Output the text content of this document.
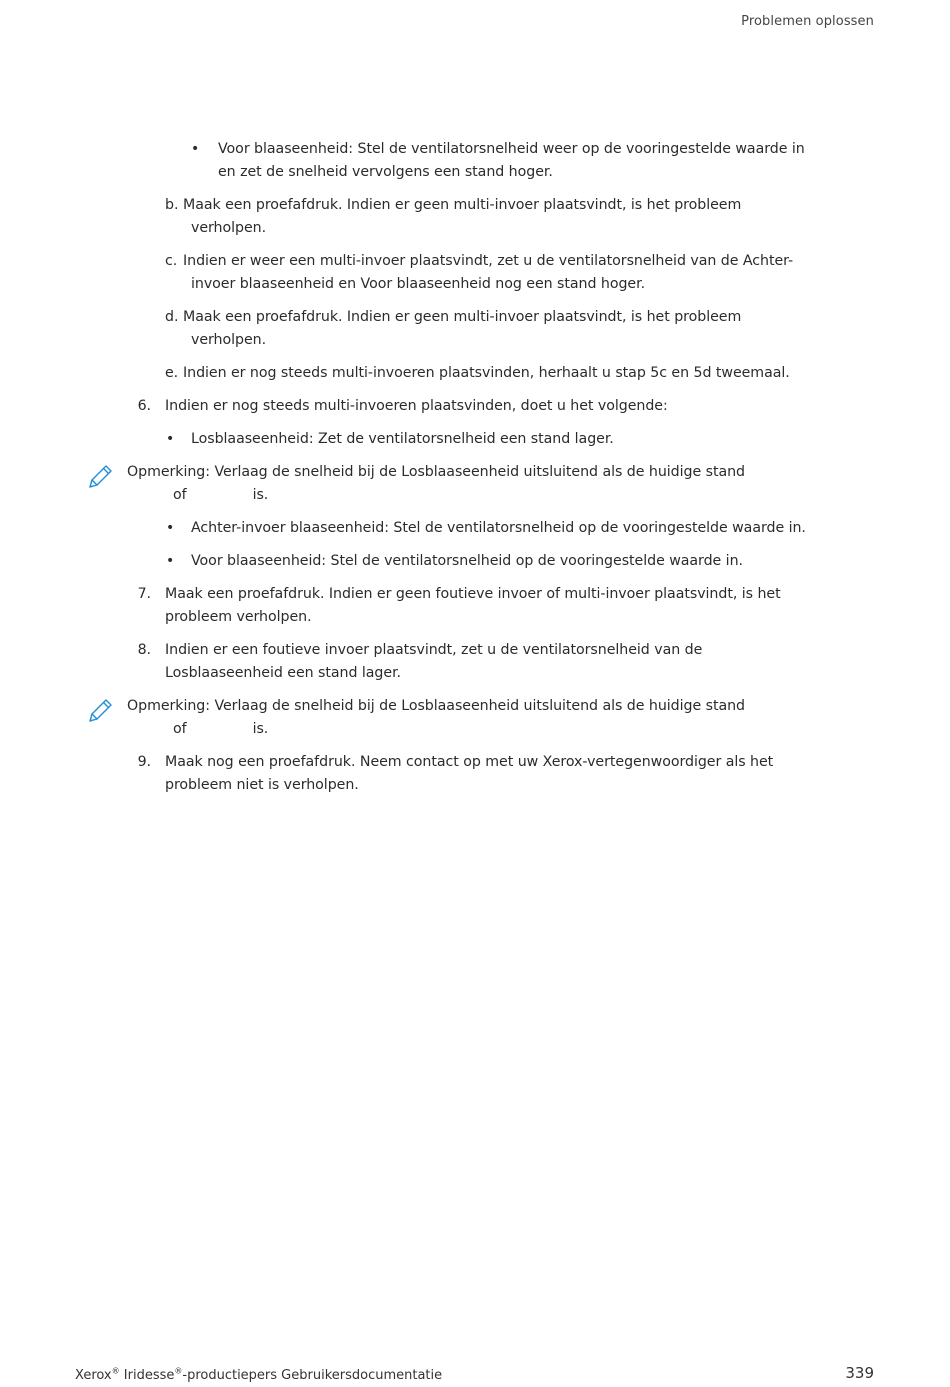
Problemen oplossen
• Voor blaaseenheid: Stel de ventilatorsnelheid weer op de vooringestelde waarde in
en zet de snelheid vervolgens een stand hoger.
b. Maak een proefafdruk. Indien er geen multi-invoer plaatsvindt, is het probleem
verholpen.
c. Indien er weer een multi-invoer plaatsvindt, zet u de ventilatorsnelheid van de Achter-
invoer blaaseenheid en Voor blaaseenheid nog een stand hoger.
d. Maak een proefafdruk. Indien er geen multi-invoer plaatsvindt, is het probleem
verholpen.
e. Indien er nog steeds multi-invoeren plaatsvinden, herhaalt u stap 5c en 5d tweemaal.
6. Indien er nog steeds multi-invoeren plaatsvinden, doet u het volgende:
• Losblaaseenheid: Zet de ventilatorsnelheid een stand lager.
Opmerking: Verlaag de snelheid bij de Losblaaseenheid uitsluitend als de huidige stand
of	is.
• Achter-invoer blaaseenheid: Stel de ventilatorsnelheid op de vooringestelde waarde in.
• Voor blaaseenheid: Stel de ventilatorsnelheid op de vooringestelde waarde in.
7. Maak een proefafdruk. Indien er geen foutieve invoer of multi-invoer plaatsvindt, is het
probleem verholpen.
8. Indien er een foutieve invoer plaatsvindt, zet u de ventilatorsnelheid van de
Losblaaseenheid een stand lager.
Opmerking: Verlaag de snelheid bij de Losblaaseenheid uitsluitend als de huidige stand
of	is.
9. Maak nog een proefafdruk. Neem contact op met uw Xerox-vertegenwoordiger als het
probleem niet is verholpen.
Xerox® Iridesse®-productiepers Gebruikersdocumentatie	339
